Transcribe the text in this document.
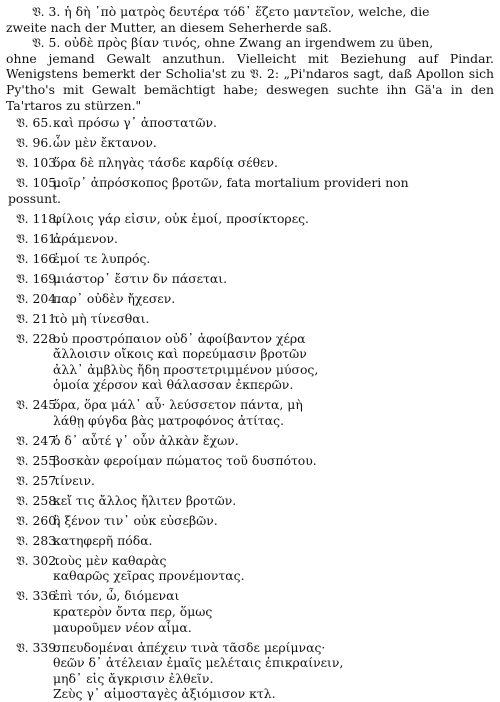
𝔙. 3. ἡ δὴ ᾽πὸ ματρὸς δευτέρα τόδ᾽ ἕζετο μαντεῖον, welche, die
zweite nach der Mutter, an diesem Seherherde saß.

𝔙. 5. οὐδὲ πρὸς βίαν τινός, ohne Zwang an irgendwem zu üben,
ohne jemand Gewalt anzuthun. Vielleicht mit Beziehung auf Pindar. Wenigstens bemerkt der Scholia'st zu 𝔙. 2: „Pi'ndaros sagt, daß Apollon sich Py'tho's mit Gewalt bemächtigt habe; deswegen suchte ihn Gä'a in den Ta'rtaros zu stürzen."

𝔙. 65. καὶ πρόσω γ᾽ ἀποστατῶν.
𝔙. 96. ὧν μὲν ἔκτανον.
𝔙. 103.
ὅρα δὲ πληγὰς τάσδε καρδίᾳ σέθεν.
𝔙. 105.
μοῖρ᾽ ἀπρόσκοπος βροτῶν, fata mortalium provideri non
possunt.
𝔙. 118.
φίλοις γάρ εἰσιν, οὐκ ἐμοί, προσίκτορες.
𝔙. 161.
ἀράμενον.
𝔙. 166.
ἐμοί τε λυπρός.
𝔙. 169.
μιάστορ᾽ ἔστιν δν πάσεται.
𝔙. 204.
παρ᾽ οὐδὲν ἤχεσεν.
𝔙. 211.
τὸ μὴ τίνεσθαι.
𝔙. 228.
οὐ προστρόπαιον οὐδ᾽ ἀφοίβαντον χέρα
ἄλλοισιν οἴκοις καὶ πορεύμασιν βροτῶν
ἀλλ᾽ ἀμβλὺς ἤδη προστετριμμένον μύσος,
ὁμοία χέρσον καὶ θάλασσαν ἐκπερῶν.
𝔙. 245.
ὅρα, ὅρα μάλ᾽ αὖ· λεύσσετον πάντα, μὴ
λάθῃ φύγδα βὰς ματροφόνος ἀτίτας.
𝔙. 247.
ὁ δ᾽ αὖτέ γ᾽ οὖν ἀλκὰν ἔχων.
𝔙. 255.
βοσκὰν φεροίμαν πώματος τοῦ δυσπότου.
𝔙. 257.
τίνειν.
𝔙. 258.
κεἴ τις ἄλλος ἤλιτεν βροτῶν.
𝔙. 260.
ἢ ξένον τιν᾽ οὐκ εὐσεβῶν.
𝔙. 283.
κατηφερῆ πόδα.
𝔙. 302.
τοὺς μὲν καθαρὰς
καθαρῶς χεῖρας προνέμοντας.
𝔙. 336.
ἐπὶ τόν, ὦ, διόμεναι
κρατερὸν ὄντα περ, ὅμως
μαυροῦμεν νέον αἷμα.
𝔙. 339.
σπευδομέναι ἀπέχειν τινὰ τᾶσδε μερίμνας·
θεῶν δ᾽ ἀτέλειαν ἐμαῖς μελέταις ἐπικραίνειν,
μηδ᾽ εἰς ἄγκρισιν ἐλθεῖν.
Ζεὺς γ᾽ αἱμοσταγὲς ἀξιόμισον κτλ.
